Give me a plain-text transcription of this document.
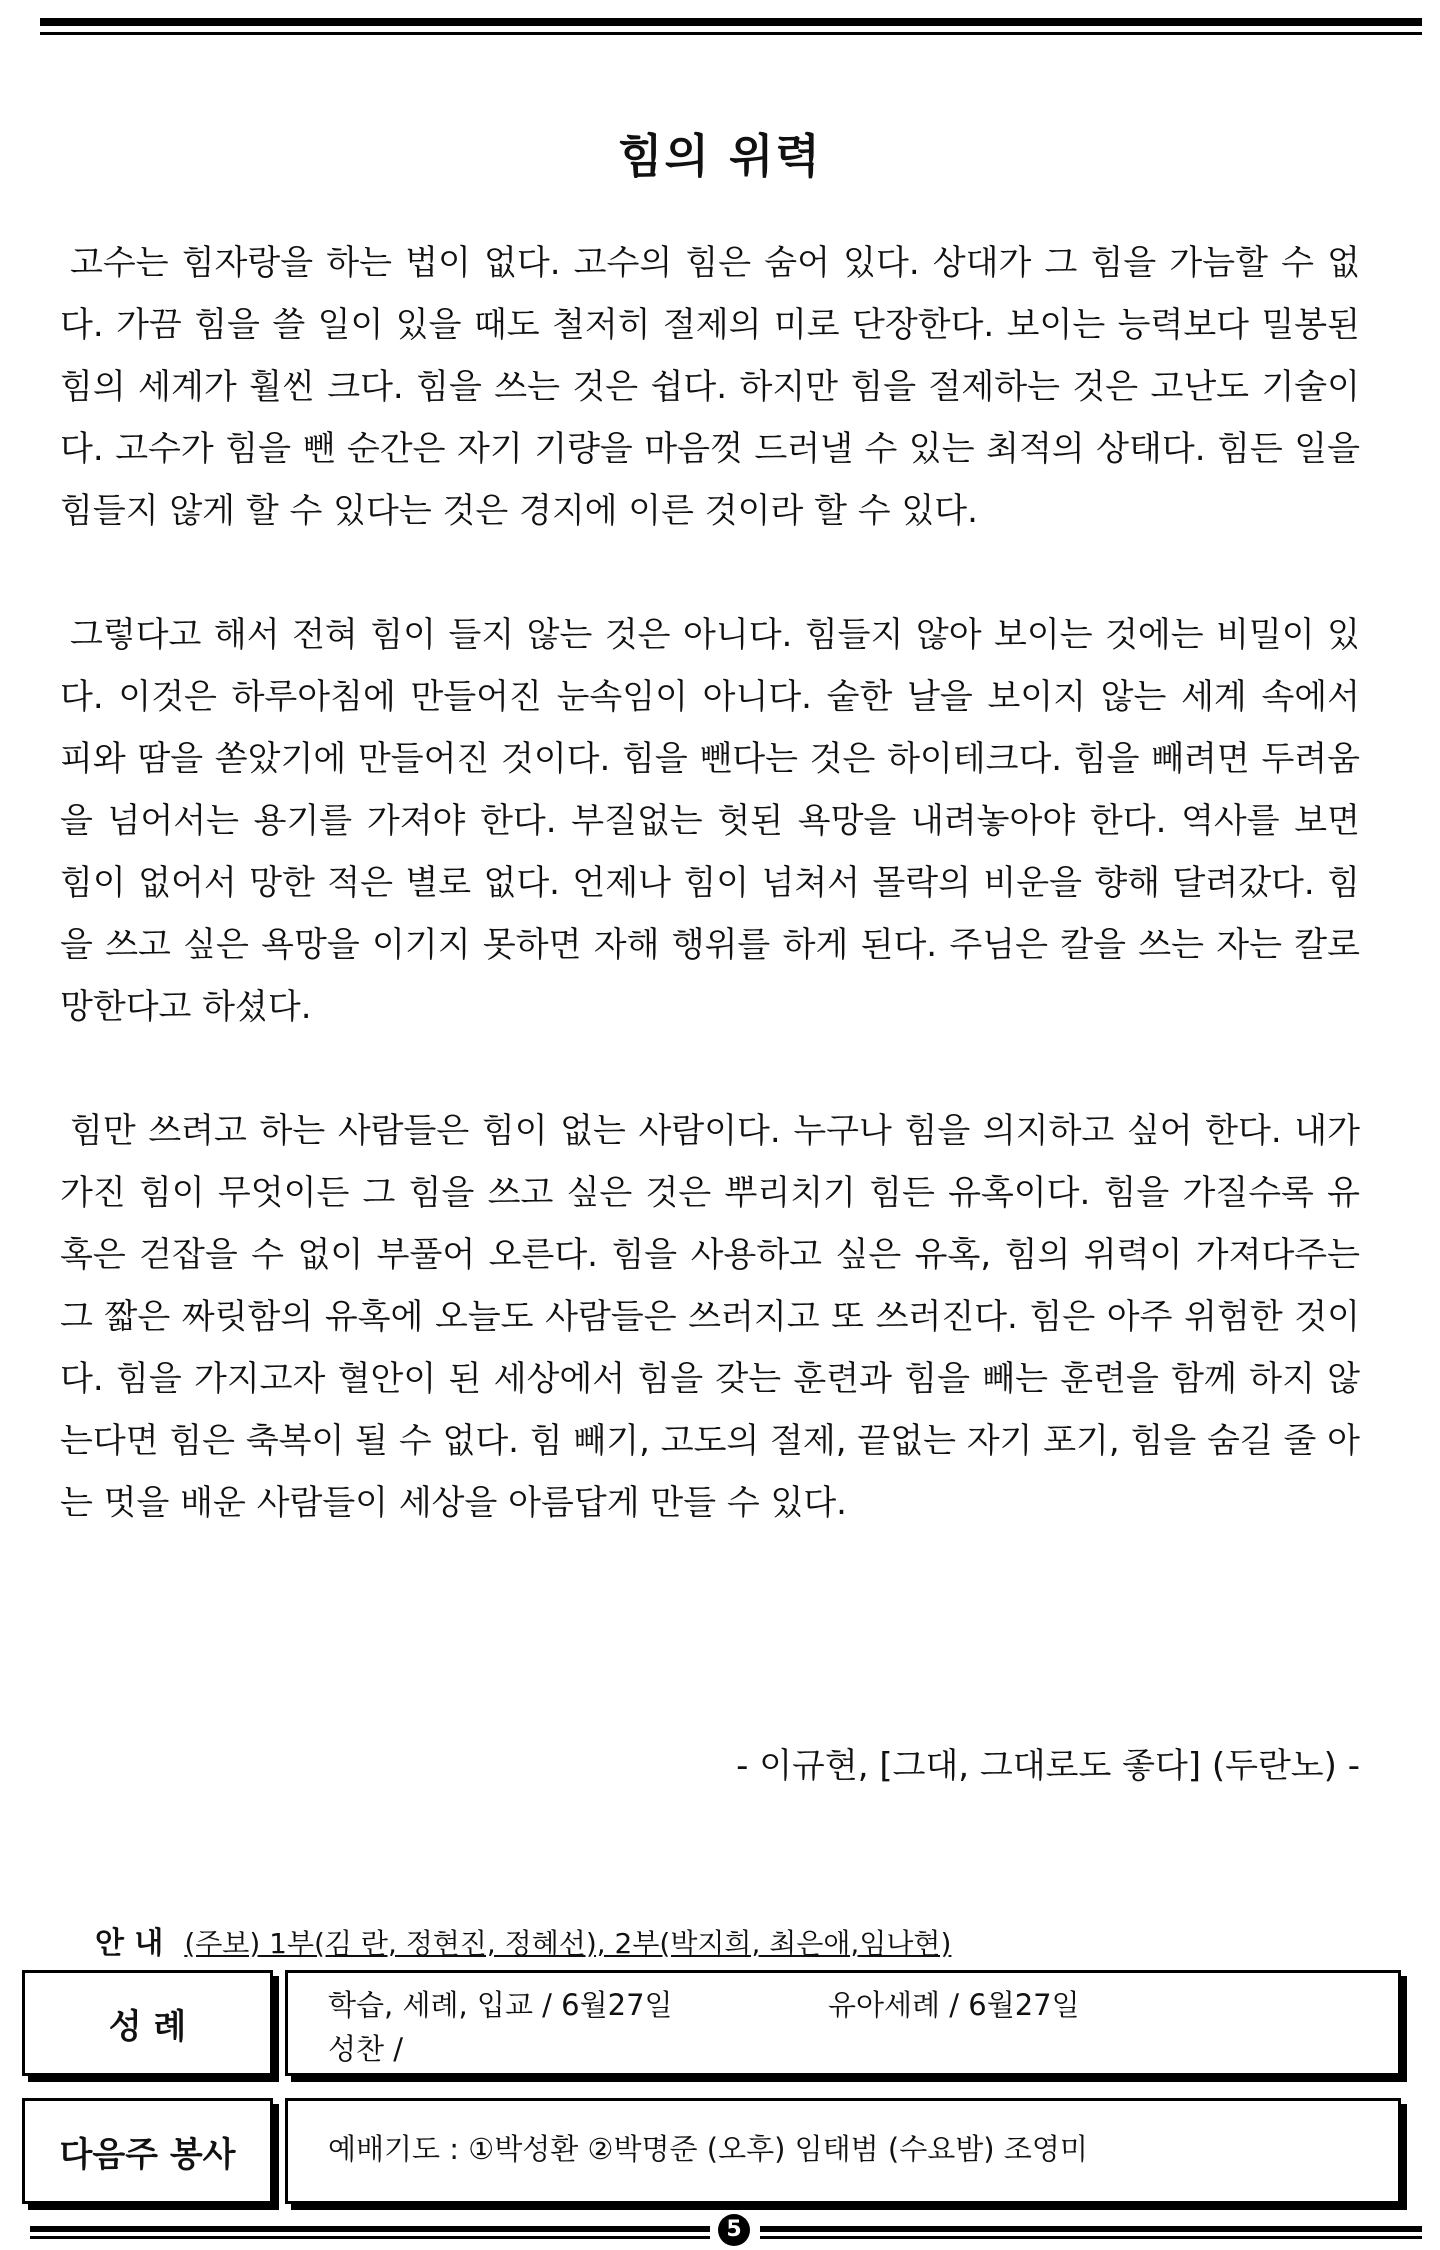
힘의 위력

고수는 힘자랑을 하는 법이 없다. 고수의 힘은 숨어 있다. 상대가 그 힘을 가늠할 수 없다. 가끔 힘을 쓸 일이 있을 때도 철저히 절제의 미로 단장한다. 보이는 능력보다 밀봉된 힘의 세계가 훨씬 크다. 힘을 쓰는 것은 쉽다. 하지만 힘을 절제하는 것은 고난도 기술이다. 고수가 힘을 뺀 순간은 자기 기량을 마음껏 드러낼 수 있는 최적의 상태다. 힘든 일을 힘들지 않게 할 수 있다는 것은 경지에 이른 것이라 할 수 있다.

그렇다고 해서 전혀 힘이 들지 않는 것은 아니다. 힘들지 않아 보이는 것에는 비밀이 있다. 이것은 하루아침에 만들어진 눈속임이 아니다. 숱한 날을 보이지 않는 세계 속에서 피와 땀을 쏟았기에 만들어진 것이다. 힘을 뺀다는 것은 하이테크다. 힘을 빼려면 두려움을 넘어서는 용기를 가져야 한다. 부질없는 헛된 욕망을 내려놓아야 한다. 역사를 보면 힘이 없어서 망한 적은 별로 없다. 언제나 힘이 넘쳐서 몰락의 비운을 향해 달려갔다. 힘을 쓰고 싶은 욕망을 이기지 못하면 자해 행위를 하게 된다. 주님은 칼을 쓰는 자는 칼로 망한다고 하셨다.

힘만 쓰려고 하는 사람들은 힘이 없는 사람이다. 누구나 힘을 의지하고 싶어 한다. 내가 가진 힘이 무엇이든 그 힘을 쓰고 싶은 것은 뿌리치기 힘든 유혹이다. 힘을 가질수록 유혹은 걷잡을 수 없이 부풀어 오른다. 힘을 사용하고 싶은 유혹, 힘의 위력이 가져다주는 그 짧은 짜릿함의 유혹에 오늘도 사람들은 쓰러지고 또 쓰러진다. 힘은 아주 위험한 것이다. 힘을 가지고자 혈안이 된 세상에서 힘을 갖는 훈련과 힘을 빼는 훈련을 함께 하지 않는다면 힘은 축복이 될 수 없다. 힘 빼기, 고도의 절제, 끝없는 자기 포기, 힘을 숨길 줄 아는 멋을 배운 사람들이 세상을 아름답게 만들 수 있다.

- 이규현, [그대, 그대로도 좋다] (두란노) -
안 내 (주보) 1부(김 란, 정현진, 정혜선), 2부(박지희, 최은애,임나현)
성 례
학습, 세례, 입교 / 6월27일	유아세례 / 6월27일
성찬 /
다음주 봉사	예배기도 : ①박성환 ②박명준 (오후) 임태범 (수요밤) 조영미
5
